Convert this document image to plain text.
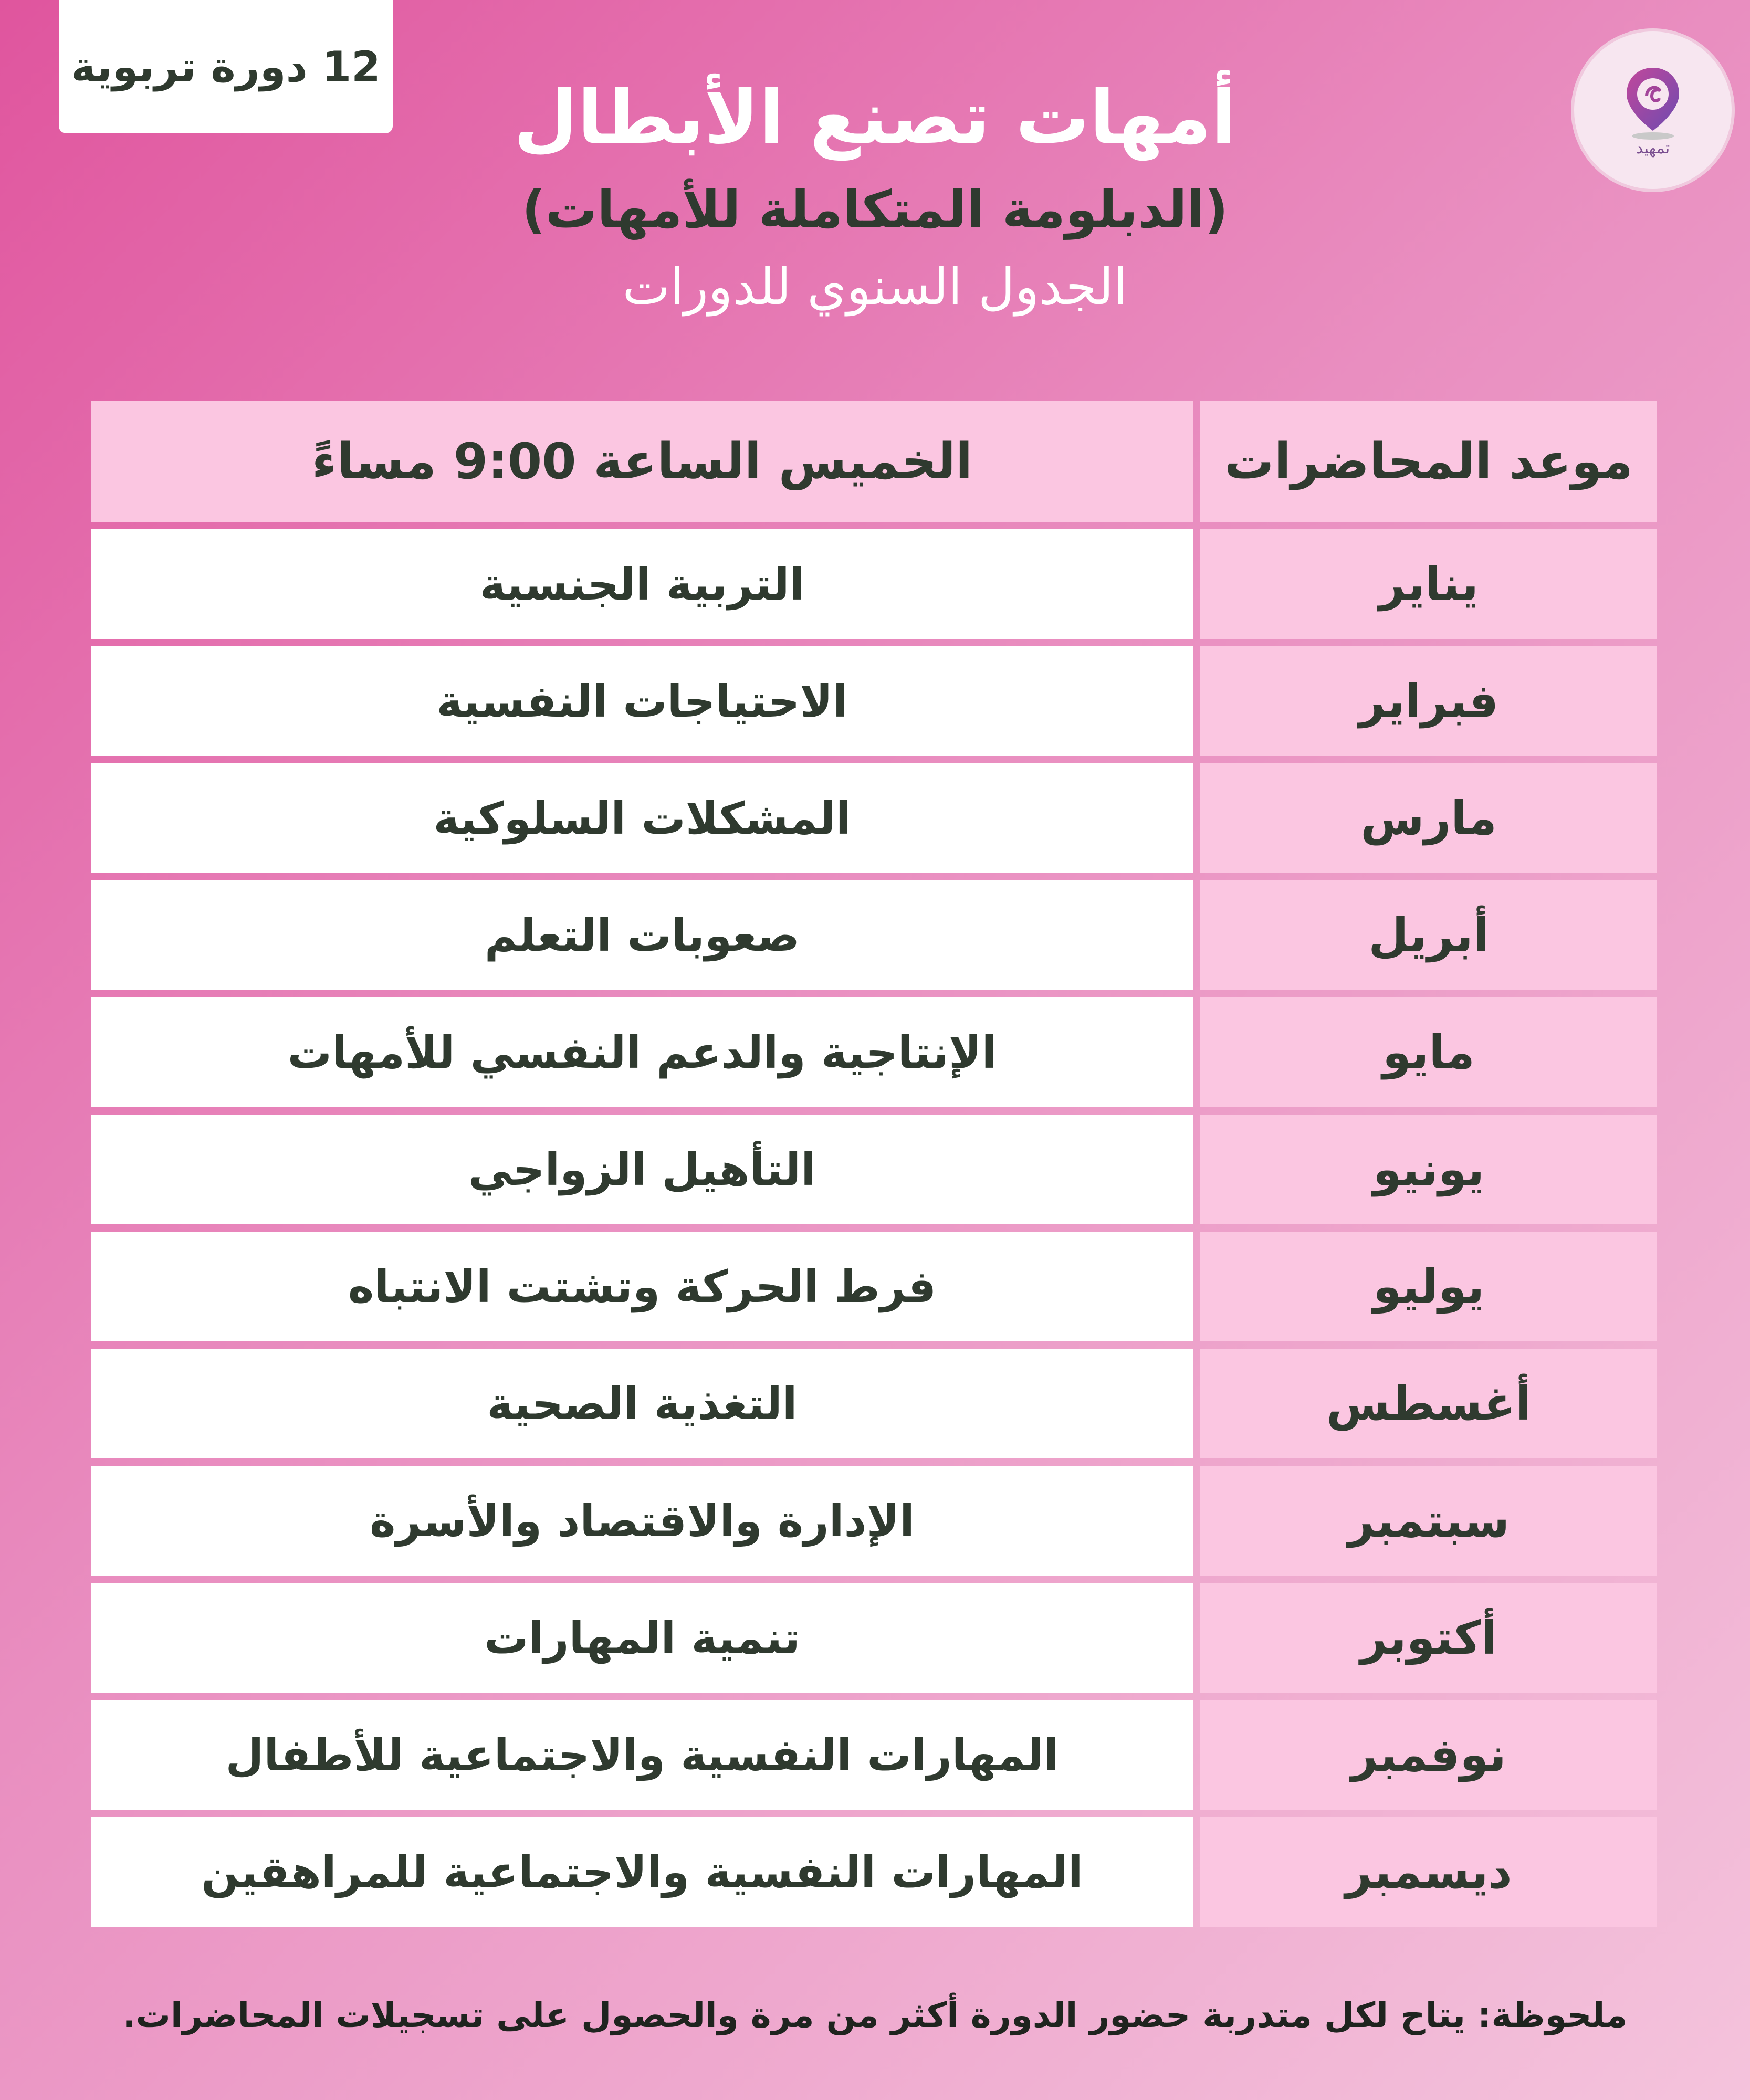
12 دورة تربوية
تمهيد
أمهات تصنع الأبطال
(الدبلومة المتكاملة للأمهات)
الجدول السنوي للدورات
موعد المحاضرات
الخميس الساعة 9:00 مساءً
يناير
التربية الجنسية
فبراير
الاحتياجات النفسية
مارس
المشكلات السلوكية
أبريل
صعوبات التعلم
مايو
الإنتاجية والدعم النفسي للأمهات
يونيو
التأهيل الزواجي
يوليو
فرط الحركة وتشتت الانتباه
أغسطس
التغذية الصحية
سبتمبر
الإدارة والاقتصاد والأسرة
أكتوبر
تنمية المهارات
نوفمبر
المهارات النفسية والاجتماعية للأطفال
ديسمبر
المهارات النفسية والاجتماعية للمراهقين
ملحوظة: يتاح لكل متدربة حضور الدورة أكثر من مرة والحصول على تسجيلات المحاضرات.
